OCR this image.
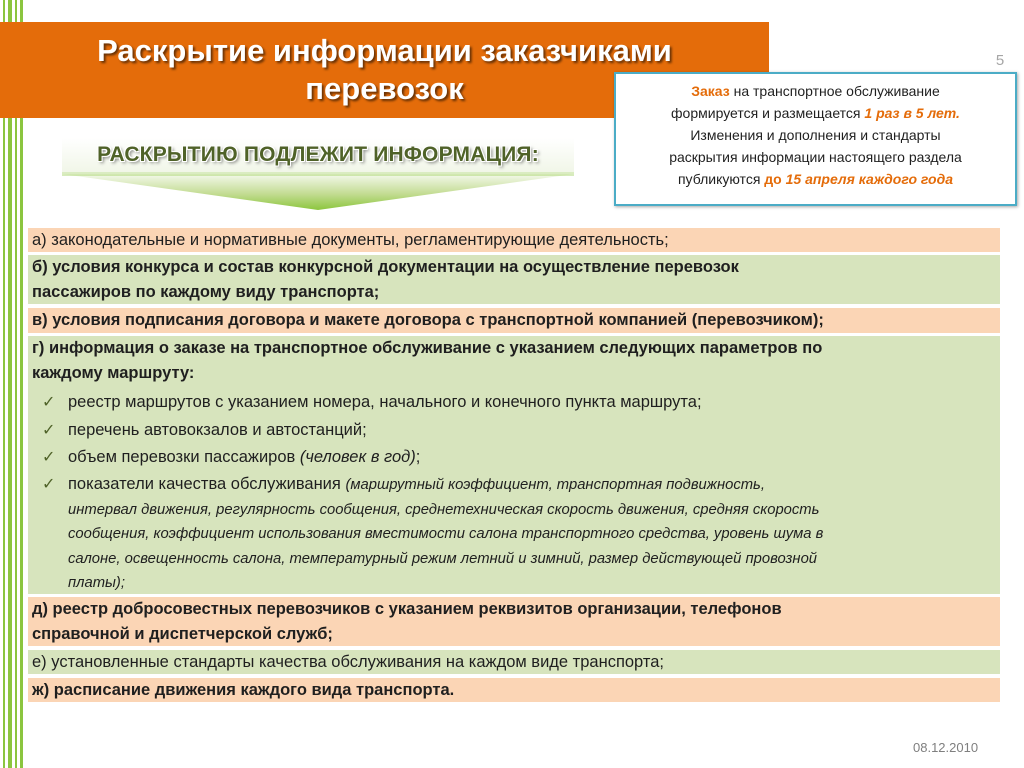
Раскрытие информации заказчиками
перевозок
5
РАСКРЫТИЮ ПОДЛЕЖИТ ИНФОРМАЦИЯ:
Заказ на транспортное обслуживание
формируется и размещается 1 раз в 5 лет.
Изменения и дополнения и стандарты
раскрытия информации настоящего раздела
публикуются до 15 апреля каждого года
а) законодательные и нормативные документы, регламентирующие деятельность;
б) условия конкурса и состав конкурсной документации на осуществление перевозок
пассажиров по каждому виду транспорта;
в) условия подписания договора и макете договора с транспортной компанией (перевозчиком);
г) информация о заказе на транспортное обслуживание с указанием следующих параметров по
каждому маршруту:
✓ реестр маршрутов с указанием номера, начального и конечного пункта маршрута;
✓ перечень автовокзалов и автостанций;
✓ объем перевозки пассажиров (человек в год);
✓ показатели качества обслуживания (маршрутный коэффициент, транспортная подвижность,
интервал движения, регулярность сообщения, среднетехническая скорость движения, средняя скорость
сообщения, коэффициент использования вместимости салона транспортного средства, уровень шума в
салоне, освещенность салона, температурный режим летний и зимний, размер действующей провозной
платы);
д) реестр добросовестных перевозчиков с указанием реквизитов организации, телефонов
справочной и диспетчерской служб;
е) установленные стандарты качества обслуживания на каждом виде транспорта;
ж) расписание движения каждого вида транспорта.
08.12.2010
